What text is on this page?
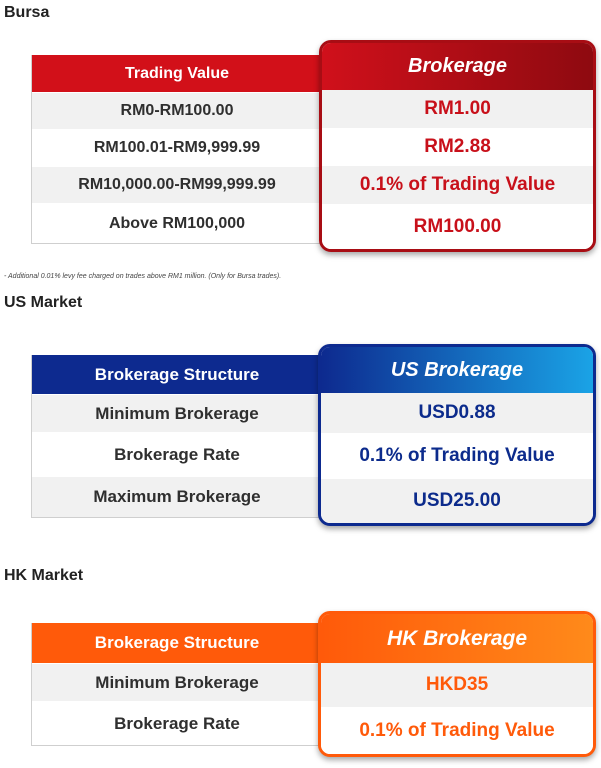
Bursa
Trading Value
RM0-RM100.00
RM100.01-RM9,999.99
RM10,000.00-RM99,999.99
Above RM100,000
Brokerage
RM1.00
RM2.88
0.1% of Trading Value
RM100.00
- Additional 0.01% levy fee charged on trades above RM1 million. (Only for Bursa trades).
US Market
Brokerage Structure
Minimum Brokerage
Brokerage Rate
Maximum Brokerage
US Brokerage
USD0.88
0.1% of Trading Value
USD25.00
HK Market
Brokerage Structure
Minimum Brokerage
Brokerage Rate
HK Brokerage
HKD35
0.1% of Trading Value
